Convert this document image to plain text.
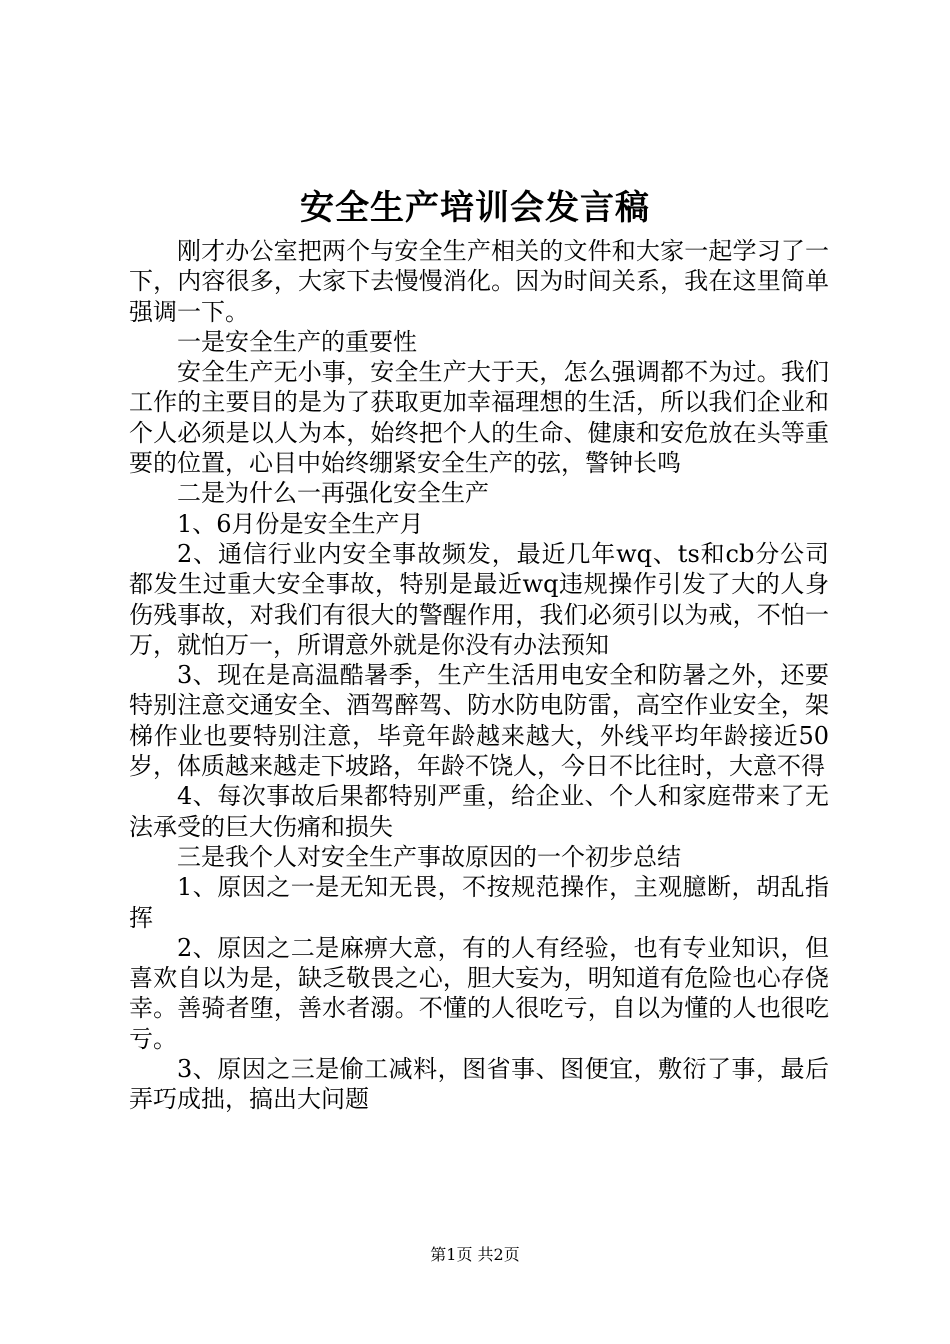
安全生产培训会发言稿

刚才办公室把两个与安全生产相关的文件和大家一起学习了一下，内容很多，大家下去慢慢消化。因为时间关系，我在这里简单强调一下。

一是安全生产的重要性

安全生产无小事，安全生产大于天，怎么强调都不为过。我们工作的主要目的是为了获取更加幸福理想的生活，所以我们企业和个人必须是以人为本，始终把个人的生命、健康和安危放在头等重要的位置，心目中始终绷紧安全生产的弦，警钟长鸣

二是为什么一再强化安全生产

1、6月份是安全生产月

2、通信行业内安全事故频发，最近几年wq、ts和cb分公司都发生过重大安全事故，特别是最近wq违规操作引发了大的人身伤残事故，对我们有很大的警醒作用，我们必须引以为戒，不怕一万，就怕万一，所谓意外就是你没有办法预知

3、现在是高温酷暑季，生产生活用电安全和防暑之外，还要特别注意交通安全、酒驾醉驾、防水防电防雷，高空作业安全，架梯作业也要特别注意，毕竟年龄越来越大，外线平均年龄接近50岁，体质越来越走下坡路，年龄不饶人，今日不比往时，大意不得

4、每次事故后果都特别严重，给企业、个人和家庭带来了无法承受的巨大伤痛和损失

三是我个人对安全生产事故原因的一个初步总结

1、原因之一是无知无畏，不按规范操作，主观臆断，胡乱指挥

2、原因之二是麻痹大意，有的人有经验，也有专业知识，但喜欢自以为是，缺乏敬畏之心，胆大妄为，明知道有危险也心存侥幸。善骑者堕，善水者溺。不懂的人很吃亏，自以为懂的人也很吃亏。

3、原因之三是偷工减料，图省事、图便宜，敷衍了事，最后弄巧成拙，搞出大问题

第1页 共2页
